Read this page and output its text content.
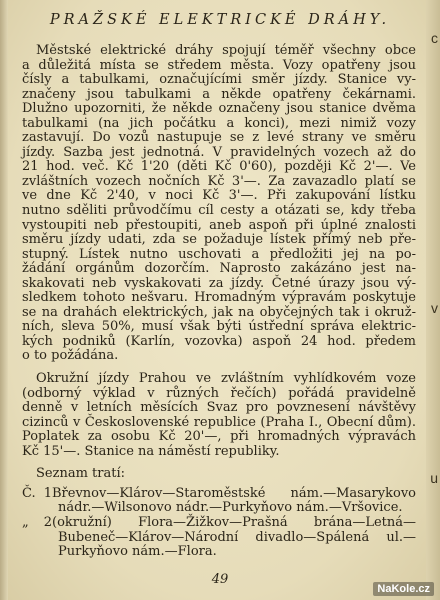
c
v
u
PRAŽSKÉ ELEKTRICKÉ DRÁHY.
Městské elektrické dráhy spojují téměř všechny obce
a důležitá místa se středem města. Vozy opatřeny jsou
čísly a tabulkami, označujícími směr jízdy. Stanice vy-
značeny jsou tabulkami a někde opatřeny čekárnami.
Dlužno upozorniti, že někde označeny jsou stanice dvěma
tabulkami (na jich počátku a konci), mezi nimiž vozy
zastavují. Do vozů nastupuje se z levé strany ve směru
jízdy. Sazba jest jednotná. V pravidelných vozech až do
21 hod. več. Kč 1'20 (děti Kč 0'60), později Kč 2'—. Ve
zvláštních vozech nočních Kč 3'—. Za zavazadlo platí se
ve dne Kč 2'40, v noci Kč 3'—. Při zakupování lístku
nutno sděliti průvodčímu cíl cesty a otázati se, kdy třeba
vystoupiti neb přestoupiti, aneb aspoň při úplné znalosti
směru jízdy udati, zda se požaduje lístek přímý neb pře-
stupný. Lístek nutno uschovati a předložiti jej na po-
žádání orgánům dozorčím. Naprosto zakázáno jest na-
skakovati neb vyskakovati za jízdy. Četné úrazy jsou vý-
sledkem tohoto nešvaru. Hromadným výpravám poskytuje
se na drahách elektrických, jak na obyčejných tak i okruž-
ních, sleva 50%, musí však býti ústřední správa elektric-
kých podniků (Karlín, vozovka) aspoň 24 hod. předem
o to požádána.
Okružní jízdy Prahou ve zvláštním vyhlídkovém voze
(odborný výklad v různých řečích) pořádá pravidelně
denně v letních měsících Svaz pro povznesení návštěvy
cizinců v Československé republice (Praha I., Obecní dům).
Poplatek za osobu Kč 20'—, při hromadných výpravách
Kč 15'—. Stanice na náměstí republiky.
Seznam tratí:
Č. 1Břevnov—Klárov—Staroměstské nám.—Masarykovo
nádr.—Wilsonovo nádr.—Purkyňovo nám.—Vršovice.
„ 2(okružní) Flora—Žižkov—Prašná brána—Letná—
Bubeneč—Klárov—Národní divadlo—Spálená ul.—
Purkyňovo nám.—Flora.
49
NaKole.cz
